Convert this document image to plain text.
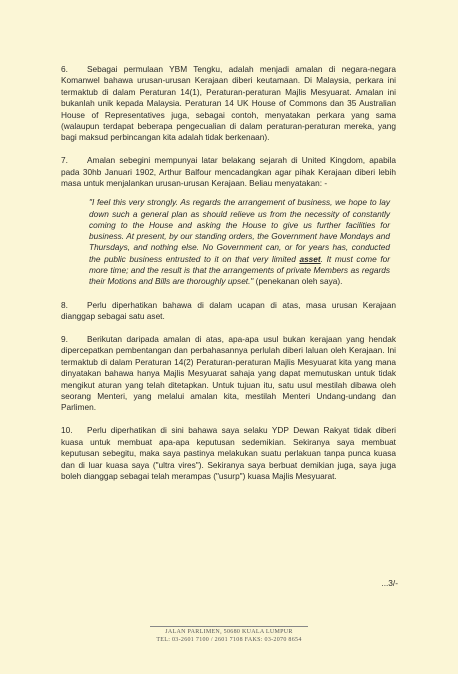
6. Sebagai permulaan YBM Tengku, adalah menjadi amalan di negara-negara Komanwel bahawa urusan-urusan Kerajaan diberi keutamaan. Di Malaysia, perkara ini termaktub di dalam Peraturan 14(1), Peraturan-peraturan Majlis Mesyuarat. Amalan ini bukanlah unik kepada Malaysia. Peraturan 14 UK House of Commons dan 35 Australian House of Representatives juga, sebagai contoh, menyatakan perkara yang sama (walaupun terdapat beberapa pengecualian di dalam peraturan-peraturan mereka, yang bagi maksud perbincangan kita adalah tidak berkenaan).

7. Amalan sebegini mempunyai latar belakang sejarah di United Kingdom, apabila pada 30hb Januari 1902, Arthur Balfour mencadangkan agar pihak Kerajaan diberi lebih masa untuk menjalankan urusan-urusan Kerajaan. Beliau menyatakan: -

"I feel this very strongly. As regards the arrangement of business, we hope to lay down such a general plan as should relieve us from the necessity of constantly coming to the House and asking the House to give us further facilities for business. At present, by our standing orders, the Government have Mondays and Thursdays, and nothing else. No Government can, or for years has, conducted the public business entrusted to it on that very limited asset. It must come for more time; and the result is that the arrangements of private Members as regards their Motions and Bills are thoroughly upset." (penekanan oleh saya).

8. Perlu diperhatikan bahawa di dalam ucapan di atas, masa urusan Kerajaan dianggap sebagai satu aset.

9. Berikutan daripada amalan di atas, apa-apa usul bukan kerajaan yang hendak dipercepatkan pembentangan dan perbahasannya perlulah diberi laluan oleh Kerajaan. Ini termaktub di dalam Peraturan 14(2) Peraturan-peraturan Majlis Mesyuarat kita yang mana dinyatakan bahawa hanya Majlis Mesyuarat sahaja yang dapat memutuskan untuk tidak mengikut aturan yang telah ditetapkan. Untuk tujuan itu, satu usul mestilah dibawa oleh seorang Menteri, yang melalui amalan kita, mestilah Menteri Undang-undang dan Parlimen.

10. Perlu diperhatikan di sini bahawa saya selaku YDP Dewan Rakyat tidak diberi kuasa untuk membuat apa-apa keputusan sedemikian. Sekiranya saya membuat keputusan sebegitu, maka saya pastinya melakukan suatu perlakuan tanpa punca kuasa dan di luar kuasa saya ("ultra vires"). Sekiranya saya berbuat demikian juga, saya juga boleh dianggap sebagai telah merampas ("usurp") kuasa Majlis Mesyuarat.

...3/-
JALAN PARLIMEN, 50680 KUALA LUMPUR
TEL: 03-2601 7100 / 2601 7108 FAKS: 03-2070 8654
